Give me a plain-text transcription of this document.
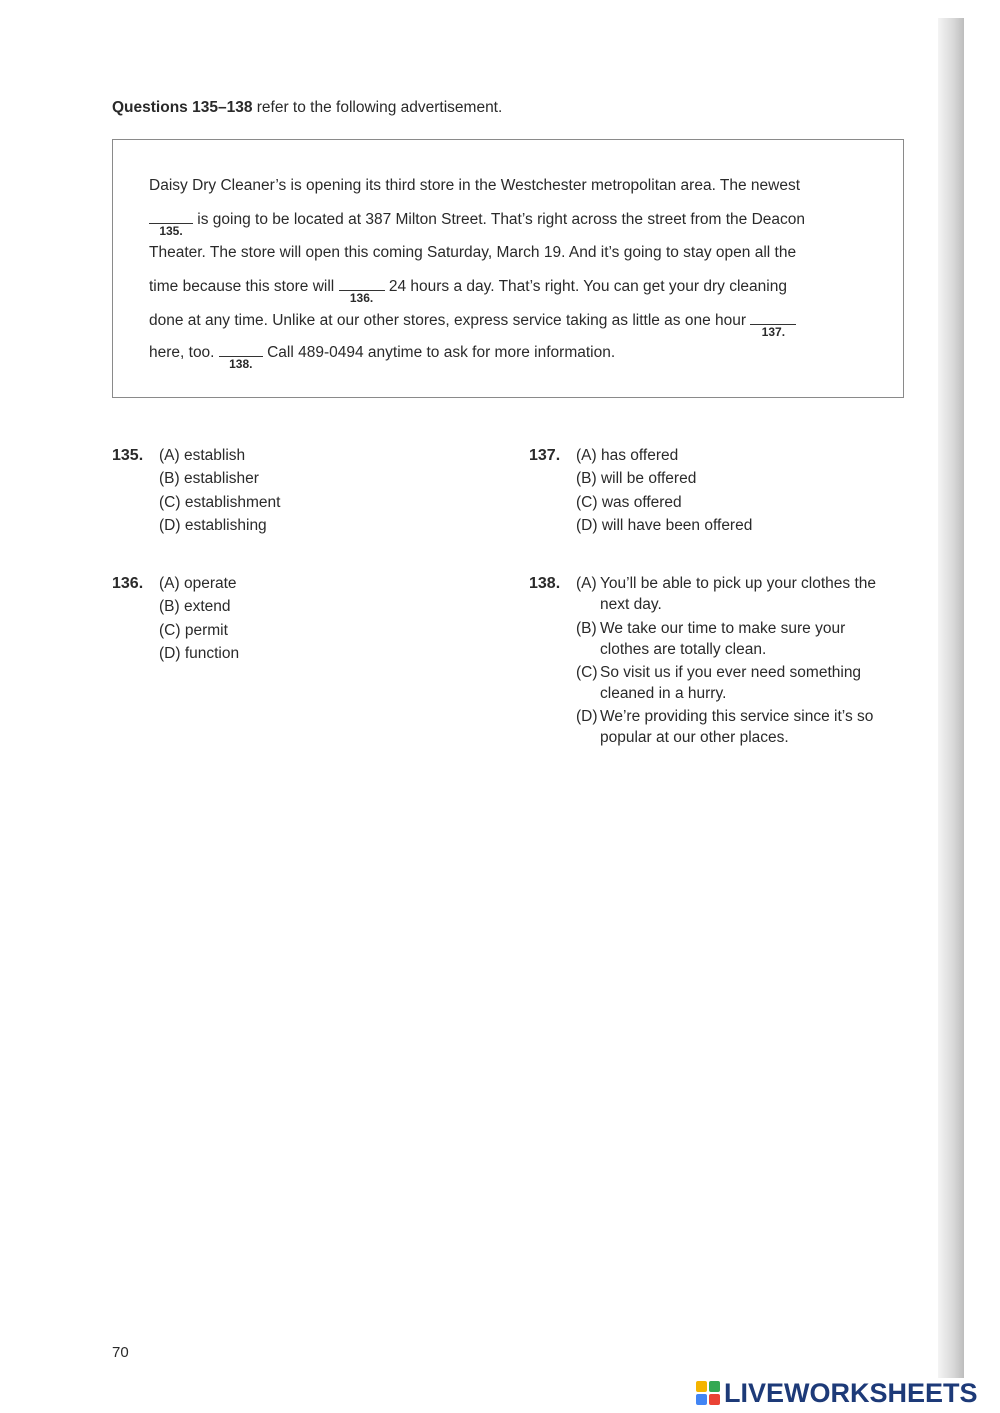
Questions 135–138 refer to the following advertisement.
Daisy Dry Cleaner’s is opening its third store in the Westchester metropolitan area. The newest
135.
is going to be located at 387 Milton Street. That’s right across the street from the Deacon
Theater. The store will open this coming Saturday, March 19. And it’s going to stay open all the
time because this store will
136.
24 hours a day. That’s right. You can get your dry cleaning
done at any time. Unlike at our other stores, express service taking as little as one hour
137.
here, too.
138.
Call 489-0494 anytime to ask for more information.
135. (A) establish
(B) establisher
(C) establishment
(D) establishing
136. (A) operate
(B) extend
(C) permit
(D) function
137. (A) has offered
(B) will be offered
(C) was offered
(D) will have been offered
138. (A) You’ll be able to pick up your clothes the next day.
(B) We take our time to make sure your clothes are totally clean.
(C) So visit us if you ever need something cleaned in a hurry.
(D) We’re providing this service since it’s so popular at our other places.
70
LIVEWORKSHEETS
